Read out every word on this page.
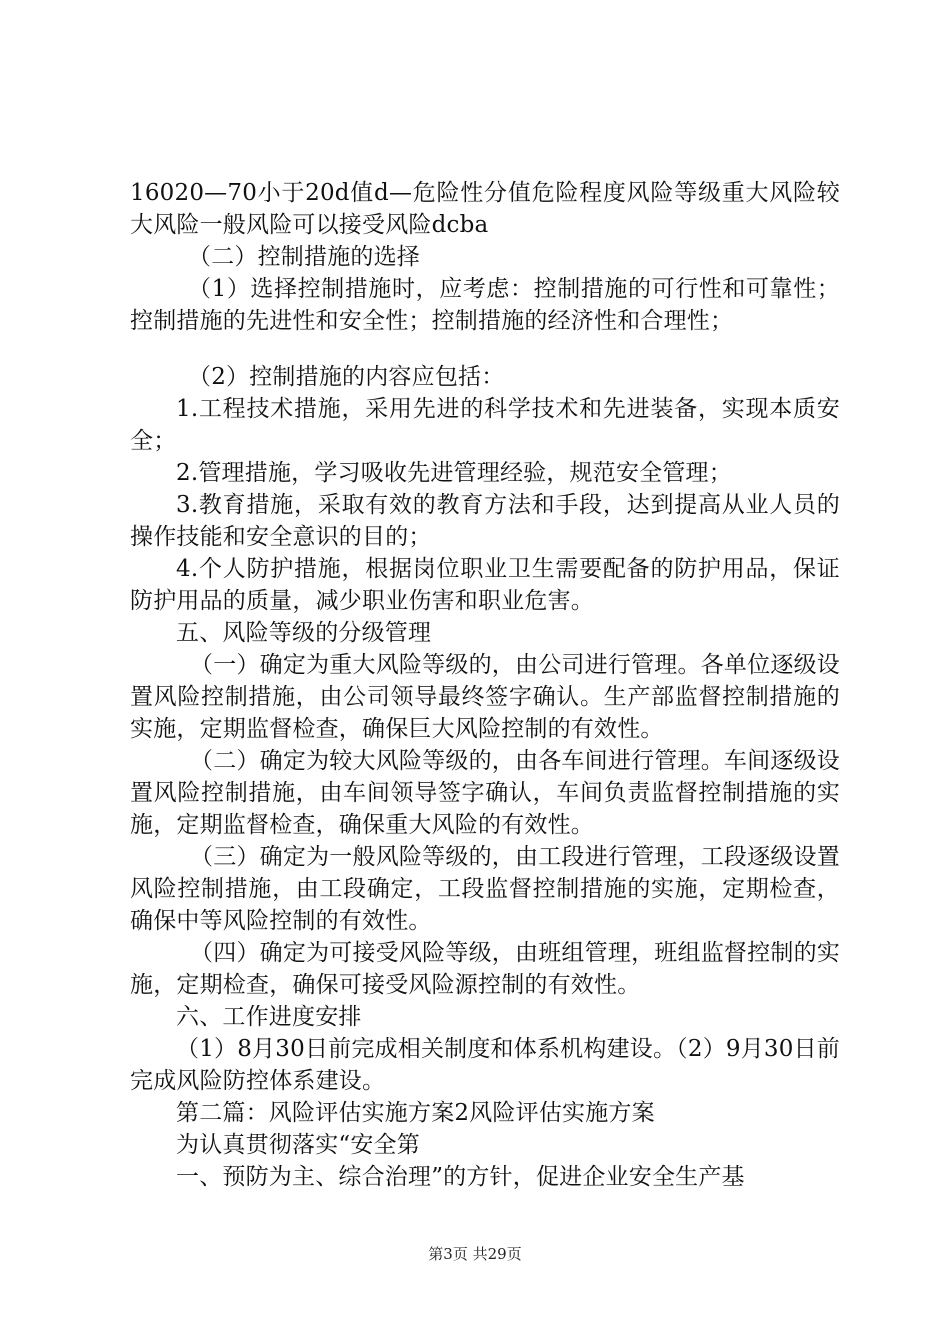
16020—70小于20d值d—危险性分值危险程度风险等级重大风险较大风险一般风险可以接受风险dcba

（二）控制措施的选择

（1）选择控制措施时，应考虑：控制措施的可行性和可靠性；控制措施的先进性和安全性；控制措施的经济性和合理性；

（2）控制措施的内容应包括：

1.工程技术措施，采用先进的科学技术和先进装备，实现本质安全；

2.管理措施，学习吸收先进管理经验，规范安全管理；

3.教育措施，采取有效的教育方法和手段，达到提高从业人员的操作技能和安全意识的目的；

4.个人防护措施，根据岗位职业卫生需要配备的防护用品，保证防护用品的质量，减少职业伤害和职业危害。

五、风险等级的分级管理

（一）确定为重大风险等级的，由公司进行管理。各单位逐级设置风险控制措施，由公司领导最终签字确认。生产部监督控制措施的实施，定期监督检查，确保巨大风险控制的有效性。

（二）确定为较大风险等级的，由各车间进行管理。车间逐级设置风险控制措施，由车间领导签字确认，车间负责监督控制措施的实施，定期监督检查，确保重大风险的有效性。

（三）确定为一般风险等级的，由工段进行管理，工段逐级设置风险控制措施，由工段确定，工段监督控制措施的实施，定期检查，确保中等风险控制的有效性。

（四）确定为可接受风险等级，由班组管理，班组监督控制的实施，定期检查，确保可接受风险源控制的有效性。

六、工作进度安排

（1）8月30日前完成相关制度和体系机构建设。（2）9月30日前完成风险防控体系建设。

第二篇：风险评估实施方案2风险评估实施方案

为认真贯彻落实“安全第

一、预防为主、综合治理”的方针，促进企业安全生产基

第3页 共29页
